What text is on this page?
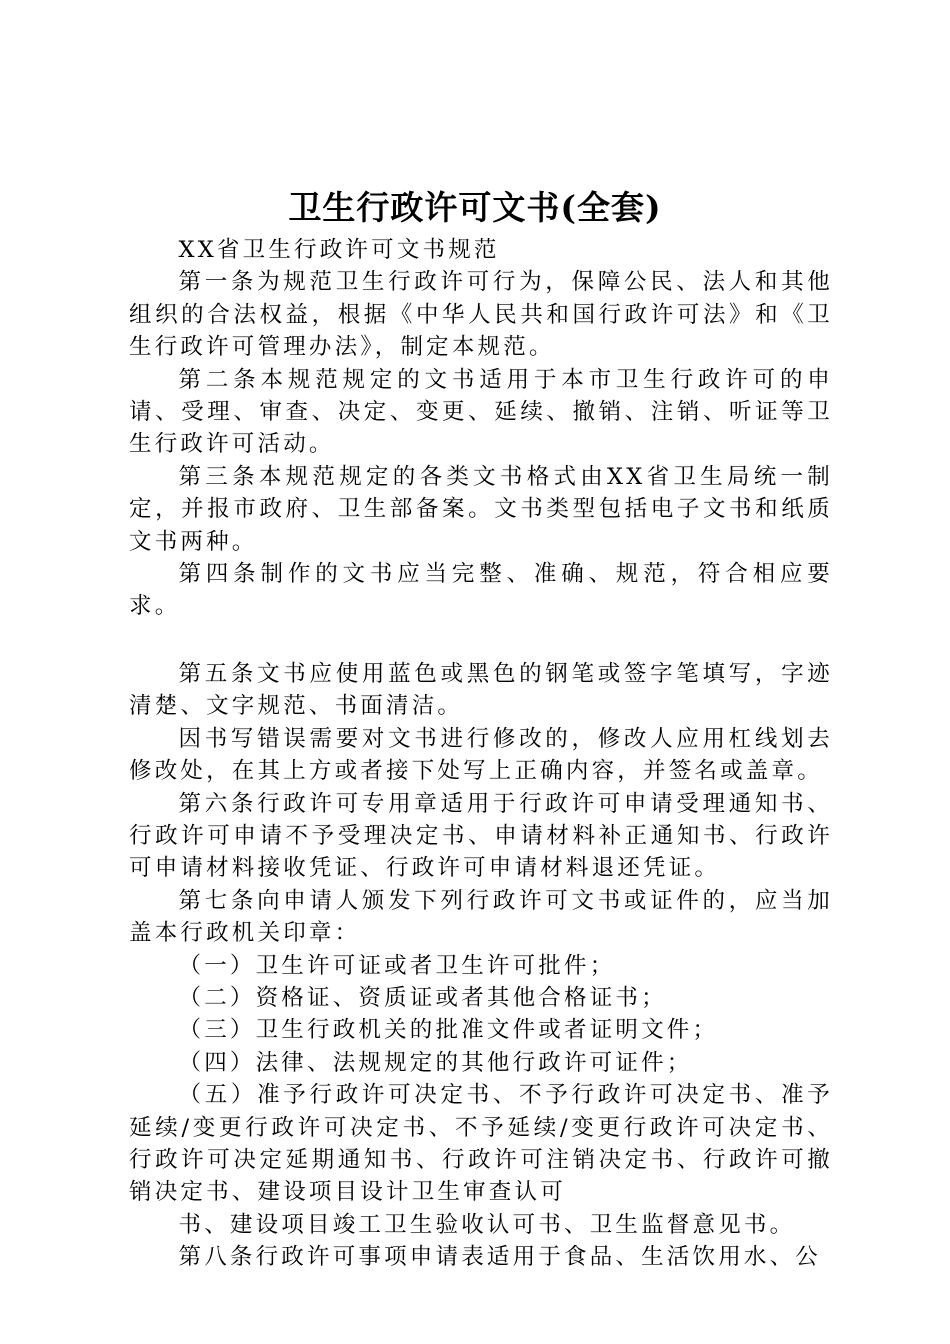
卫生行政许可文书(全套)

XX省卫生行政许可文书规范

第一条为规范卫生行政许可行为，保障公民、法人和其他组织的合法权益，根据《中华人民共和国行政许可法》和《卫生行政许可管理办法》，制定本规范。

第二条本规范规定的文书适用于本市卫生行政许可的申请、受理、审查、决定、变更、延续、撤销、注销、听证等卫生行政许可活动。

第三条本规范规定的各类文书格式由XX省卫生局统一制定，并报市政府、卫生部备案。文书类型包括电子文书和纸质文书两种。

第四条制作的文书应当完整、准确、规范，符合相应要求。

第五条文书应使用蓝色或黑色的钢笔或签字笔填写，字迹清楚、文字规范、书面清洁。

因书写错误需要对文书进行修改的，修改人应用杠线划去修改处，在其上方或者接下处写上正确内容，并签名或盖章。

第六条行政许可专用章适用于行政许可申请受理通知书、行政许可申请不予受理决定书、申请材料补正通知书、行政许可申请材料接收凭证、行政许可申请材料退还凭证。

第七条向申请人颁发下列行政许可文书或证件的，应当加盖本行政机关印章：

（一）卫生许可证或者卫生许可批件；

（二）资格证、资质证或者其他合格证书；

（三）卫生行政机关的批准文件或者证明文件；

（四）法律、法规规定的其他行政许可证件；

（五）准予行政许可决定书、不予行政许可决定书、准予延续/变更行政许可决定书、不予延续/变更行政许可决定书、行政许可决定延期通知书、行政许可注销决定书、行政许可撤销决定书、建设项目设计卫生审查认可

书、建设项目竣工卫生验收认可书、卫生监督意见书。

第八条行政许可事项申请表适用于食品、生活饮用水、公
